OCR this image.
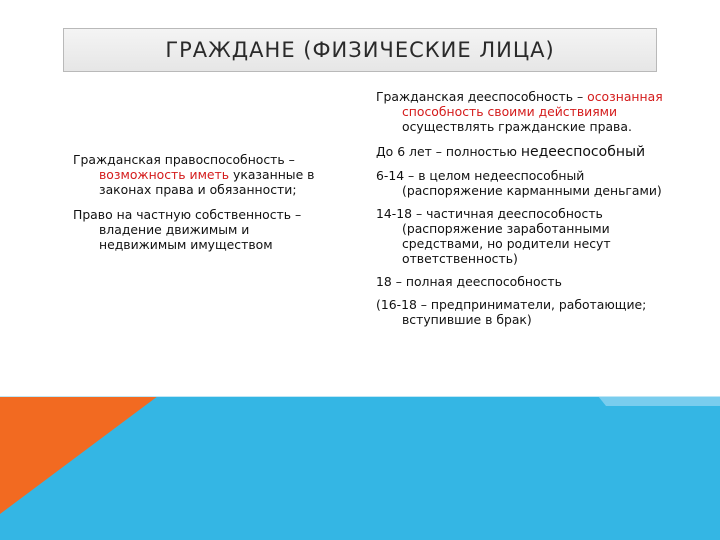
ГРАЖДАНЕ (ФИЗИЧЕСКИЕ ЛИЦА)

Гражданская правоспособность – возможность иметь указанные в законах права и обязанности;

Право на частную собственность – владение движимым и недвижимым имуществом

Гражданская дееспособность – осознанная способность своими действиями осуществлять гражданские права.

До 6 лет – полностью недееспособный

6-14 – в целом недееспособный (распоряжение карманными деньгами)

14-18 – частичная дееспособность (распоряжение заработанными средствами, но родители несут ответственность)

18 – полная дееспособность

(16-18 – предприниматели, работающие; вступившие в брак)
